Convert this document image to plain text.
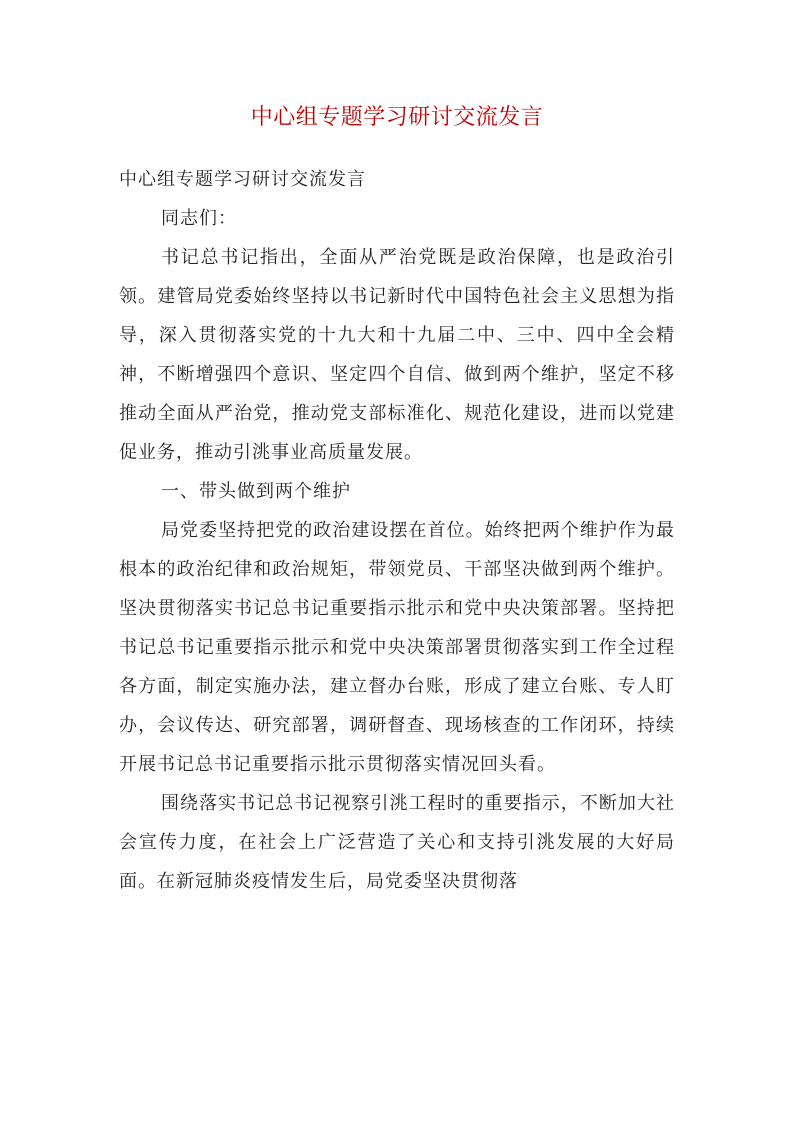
中心组专题学习研讨交流发言

中心组专题学习研讨交流发言

同志们：

书记总书记指出，全面从严治党既是政治保障，也是政治引领。建管局党委始终坚持以书记新时代中国特色社会主义思想为指导，深入贯彻落实党的十九大和十九届二中、三中、四中全会精神，不断增强四个意识、坚定四个自信、做到两个维护，坚定不移推动全面从严治党，推动党支部标准化、规范化建设，进而以党建促业务，推动引洮事业高质量发展。

一、带头做到两个维护

局党委坚持把党的政治建设摆在首位。始终把两个维护作为最根本的政治纪律和政治规矩，带领党员、干部坚决做到两个维护。坚决贯彻落实书记总书记重要指示批示和党中央决策部署。坚持把书记总书记重要指示批示和党中央决策部署贯彻落实到工作全过程各方面，制定实施办法，建立督办台账，形成了建立台账、专人盯办，会议传达、研究部署，调研督查、现场核查的工作闭环，持续开展书记总书记重要指示批示贯彻落实情况回头看。

围绕落实书记总书记视察引洮工程时的重要指示，不断加大社会宣传力度，在社会上广泛营造了关心和支持引洮发展的大好局面。在新冠肺炎疫情发生后，局党委坚决贯彻落
